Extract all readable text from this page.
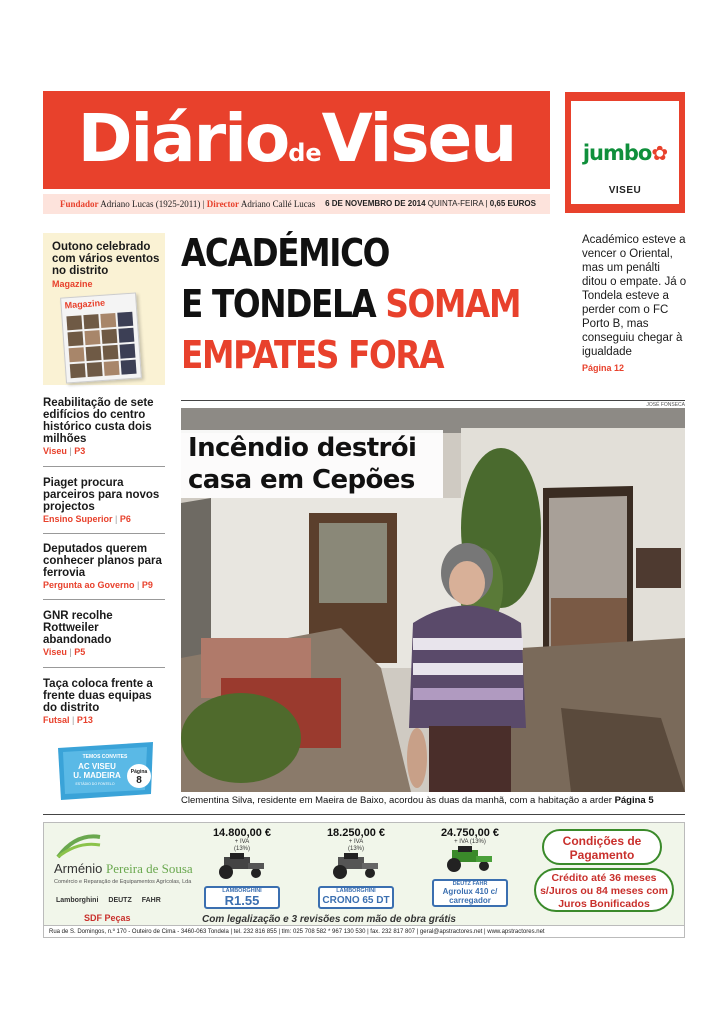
DiáriodeViseu
Fundador Adriano Lucas (1925-2011) | Director Adriano Callé Lucas 6 DE NOVEMBRO DE 2014 QUINTA-FEIRA | 0,65 EUROS
jumbo✿
VISEU
Outono celebrado com vários eventos no distrito
Magazine
Magazine
Reabilitação de sete edifícios do centro histórico custa dois milhões
Viseu | P3
Piaget procura parceiros para novos projectos
Ensino Superior | P6
Deputados querem conhecer planos para ferrovia
Pergunta ao Governo | P9
GNR recolhe Rottweiler abandonado
Viseu | P5
Taça coloca frente a frente duas equipas do distrito
Futsal | P13
TEMOS CONVITES
AC VISEU
U. MADEIRA
ESTÁDIO DO FONTELO
Página
8
ACADÉMICO
E TONDELA SOMAM
EMPATES FORA
Académico esteve a vencer o Oriental, mas um penálti ditou o empate. Já o Tondela esteve a perder com o FC Porto B, mas conseguiu chegar à igualdade
Página 12
JOSÉ FONSECA
Incêndio destrói
casa em Cepões
Clementina Silva, residente em Maeira de Baixo, acordou às duas da manhã, com a habitação a arder Página 5
Arménio Pereira de Sousa
Comércio e Reparação de Equipamentos Agrícolas, Lda
Lamborghini DEUTZ FAHR
SDF Peças
14.800,00 €
+ IVA
(13%)
LAMBORGHINI
R1.55
18.250,00 €
+ IVA
(13%)
LAMBORGHINI
CRONO 65 DT
24.750,00 €
+ IVA (13%)
DEUTZ FAHR
Agrolux 410 c/ carregador
Condições de Pagamento
Crédito até 36 meses s/Juros ou 84 meses com Juros Bonificados
Com legalização e 3 revisões com mão de obra grátis
Rua de S. Domingos, n.º 170 - Outeiro de Cima - 3460-063 Tondela | tel. 232 816 855 | tlm: 025 708 582 * 967 130 530 | fax. 232 817 807 | geral@apstractores.net | www.apstractores.net
